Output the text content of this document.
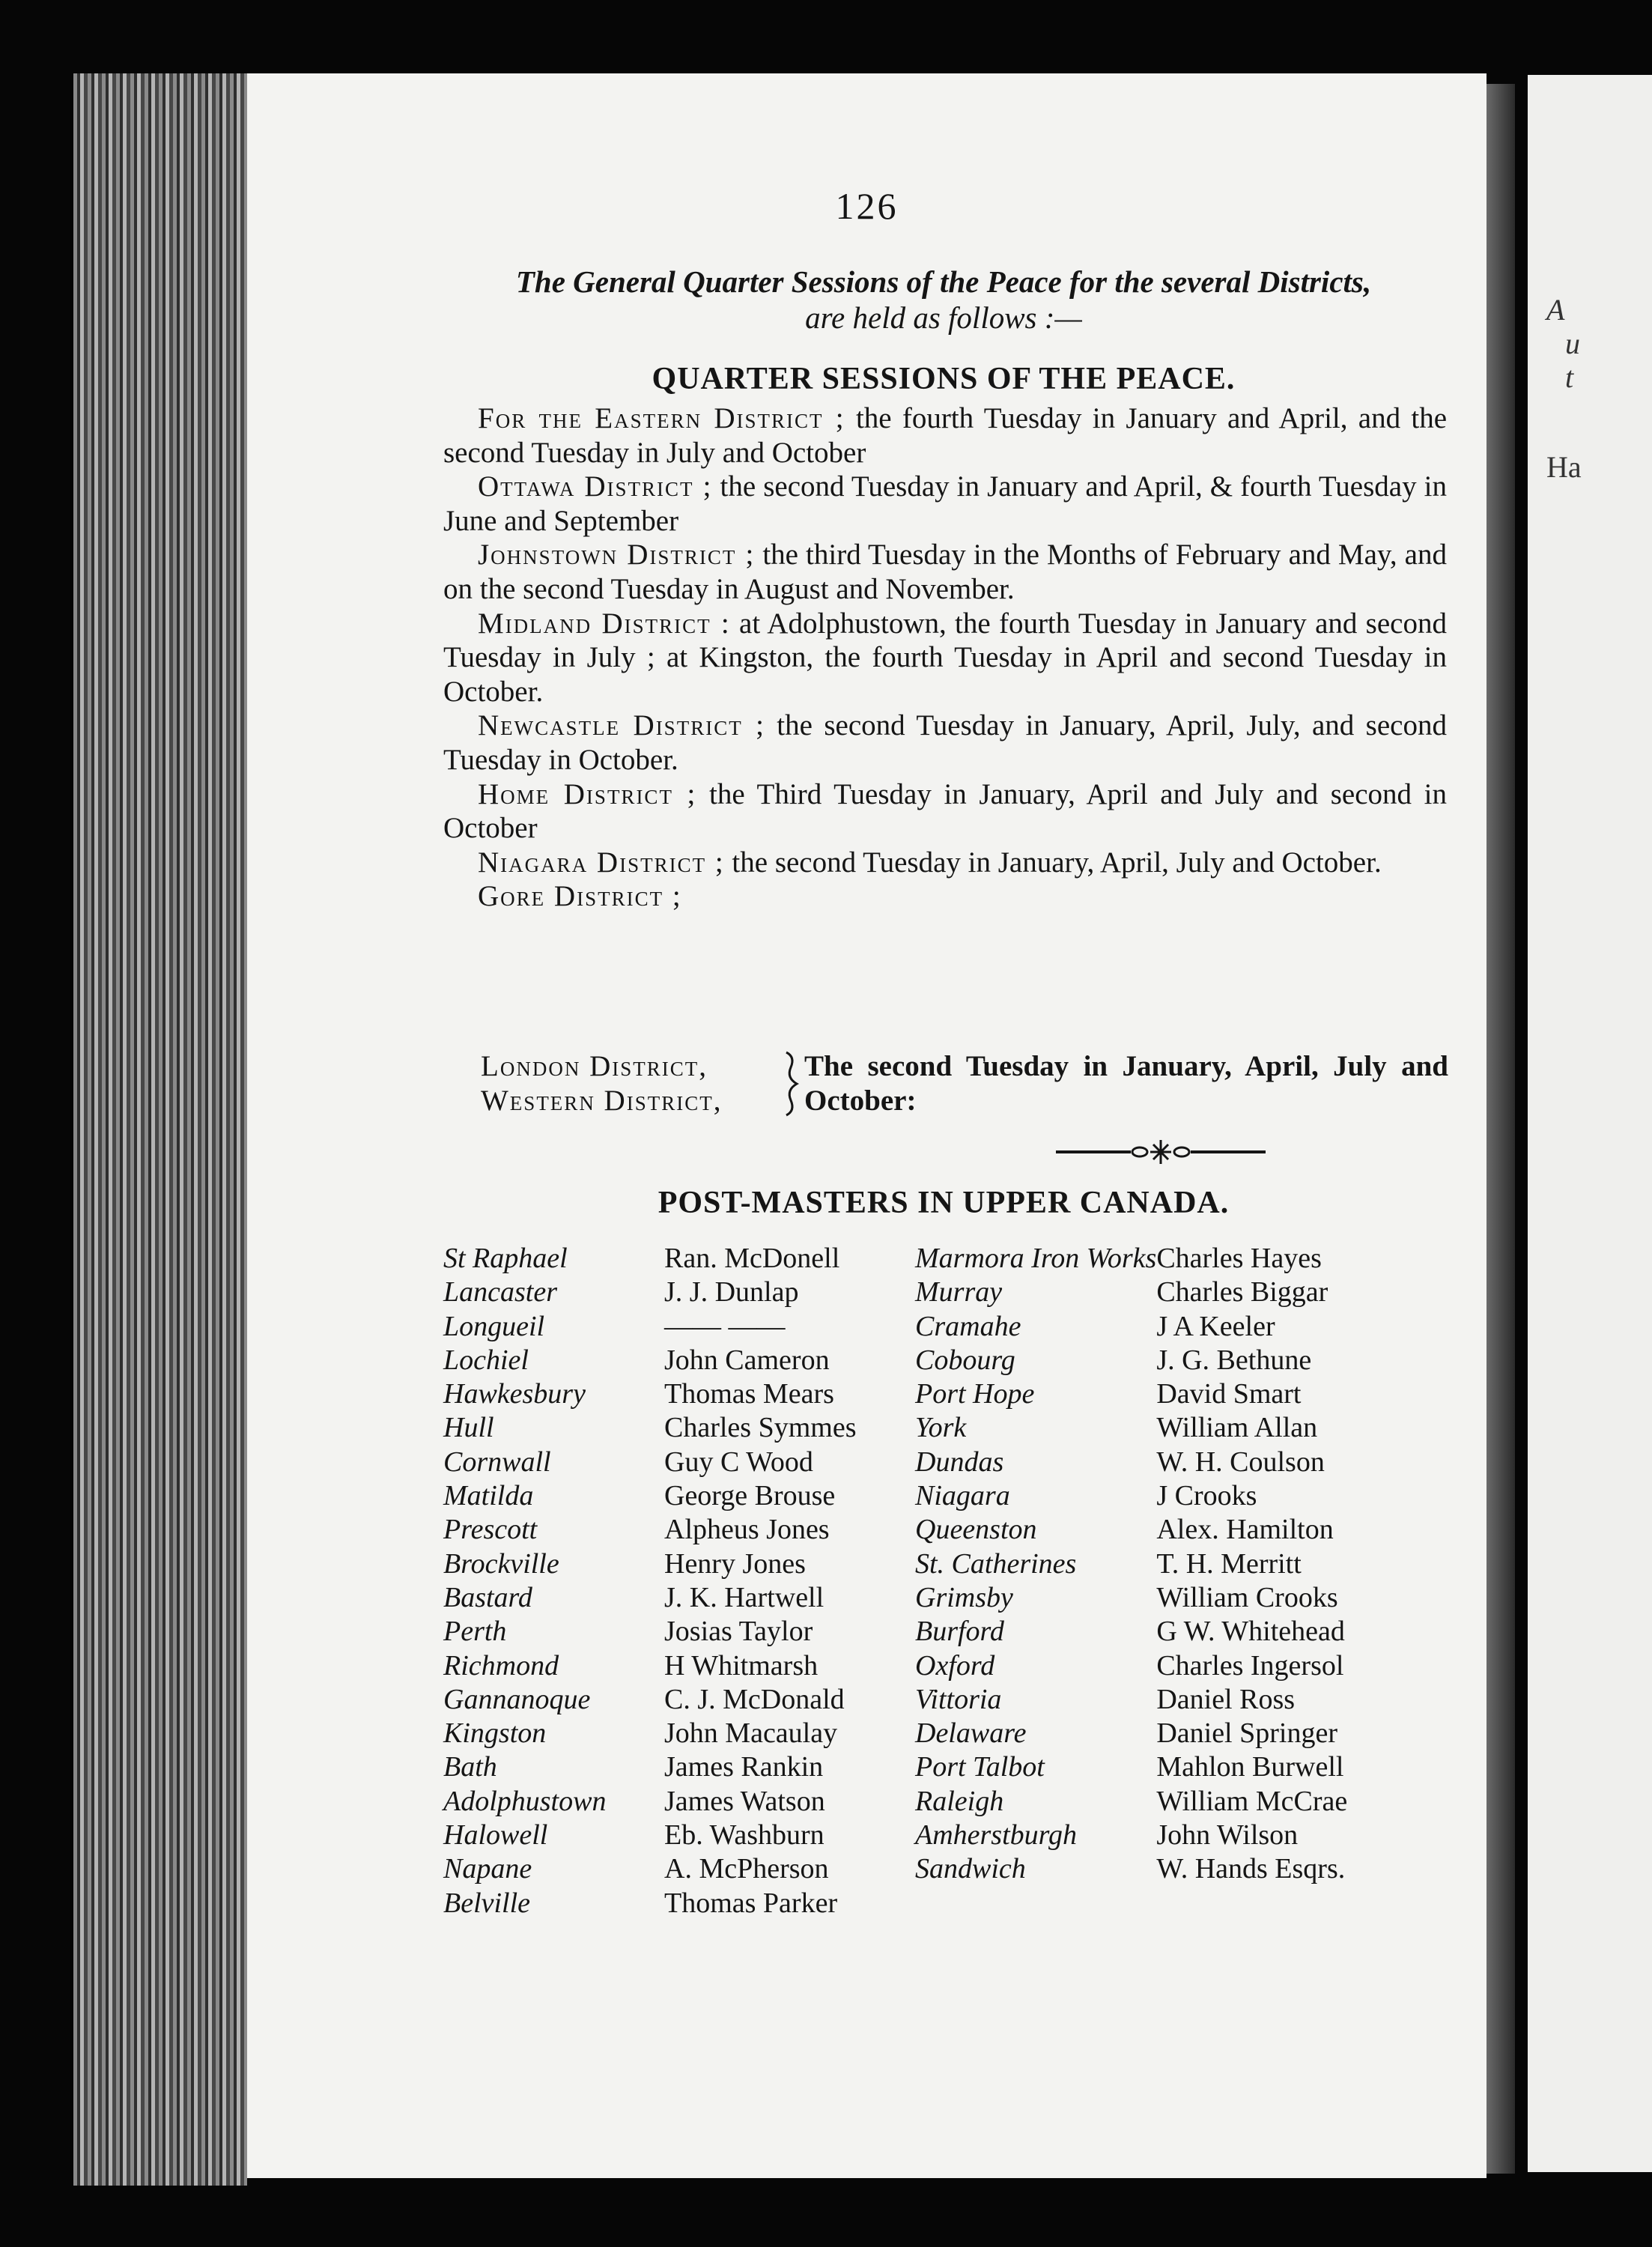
126
The General Quarter Sessions of the Peace for the several Districts,
are held as follows :—
QUARTER SESSIONS OF THE PEACE.

For the Eastern District ; the fourth Tuesday in January and April, and the second Tuesday in July and October

Ottawa District ; the second Tuesday in January and April, & fourth Tuesday in June and September

Johnstown District ; the third Tuesday in the Months of February and May, and on the second Tuesday in August and November.

Midland District : at Adolphustown, the fourth Tuesday in January and second Tuesday in July ; at Kingston, the fourth Tuesday in April and second Tuesday in October.

Newcastle District ; the second Tuesday in January, April, July, and second Tuesday in October.

Home District ; the Third Tuesday in January, April and July and second in October

Niagara District ; the second Tuesday in January, April, July and October.

Gore District ;

London District,
Western District,
The second Tuesday in January, April, July and October:
POST-MASTERS IN UPPER CANADA.
St Raphael	Ran. McDonell	Marmora Iron Works	Charles Hayes
Lancaster	J. J. Dunlap	Murray	Charles Biggar
Longueil	—— ——	Cramahe	J A Keeler
Lochiel	John Cameron	Cobourg	J. G. Bethune
Hawkesbury	Thomas Mears	Port Hope	David Smart
Hull	Charles Symmes	York	William Allan
Cornwall	Guy C Wood	Dundas	W. H. Coulson
Matilda	George Brouse	Niagara	J Crooks
Prescott	Alpheus Jones	Queenston	Alex. Hamilton
Brockville	Henry Jones	St. Catherines	T. H. Merritt
Bastard	J. K. Hartwell	Grimsby	William Crooks
Perth	Josias Taylor	Burford	G W. Whitehead
Richmond	H Whitmarsh	Oxford	Charles Ingersol
Gannanoque	C. J. McDonald	Vittoria	Daniel Ross
Kingston	John Macaulay	Delaware	Daniel Springer
Bath	James Rankin	Port Talbot	Mahlon Burwell
Adolphustown	James Watson	Raleigh	William McCrae
Halowell	Eb. Washburn	Amherstburgh	John Wilson
Napane	A. McPherson	Sandwich	W. Hands Esqrs.
Belville	Thomas Parker		
A
u
t
Ha
